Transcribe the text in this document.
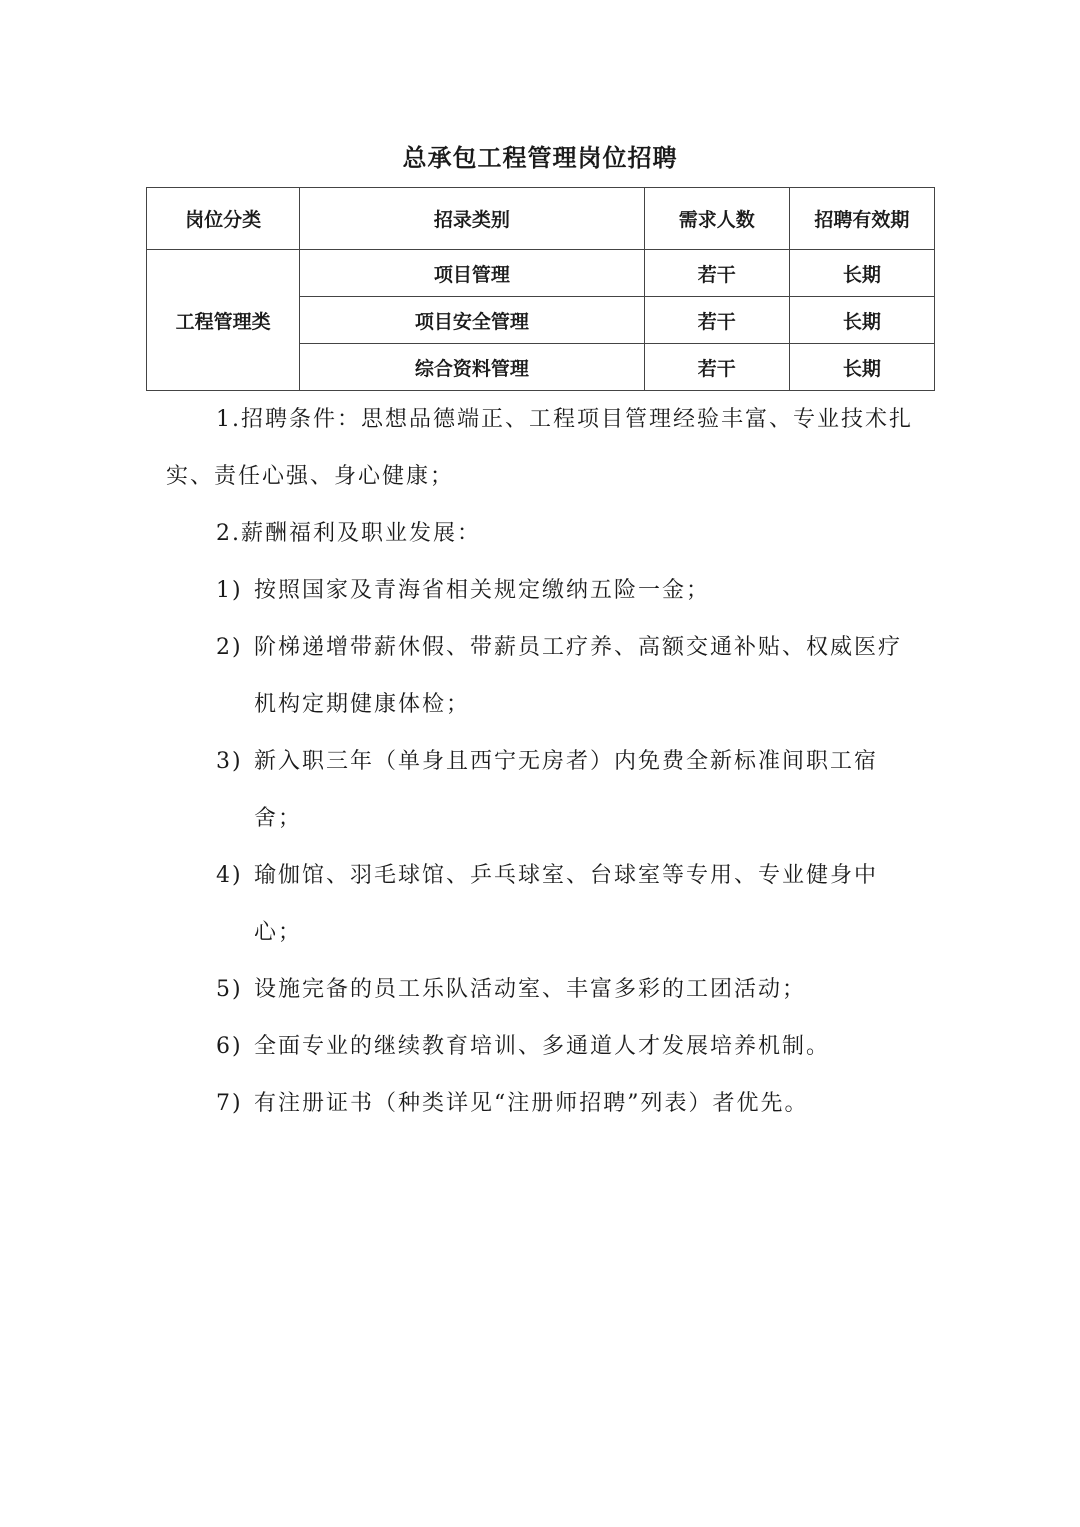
总承包工程管理岗位招聘
岗位分类	招录类别	需求人数	招聘有效期
工程管理类	项目管理	若干	长期
	项目安全管理	若干	长期
	综合资料管理	若干	长期

1.招聘条件：思想品德端正、工程项目管理经验丰富、专业技术扎实、责任心强、身心健康；

2.薪酬福利及职业发展：

1) 按照国家及青海省相关规定缴纳五险一金；
2) 阶梯递增带薪休假、带薪员工疗养、高额交通补贴、权威医疗机构定期健康体检；
3) 新入职三年（单身且西宁无房者）内免费全新标准间职工宿舍；
4) 瑜伽馆、羽毛球馆、乒乓球室、台球室等专用、专业健身中心；
5) 设施完备的员工乐队活动室、丰富多彩的工团活动；
6) 全面专业的继续教育培训、多通道人才发展培养机制。
7) 有注册证书（种类详见“注册师招聘”列表）者优先。
